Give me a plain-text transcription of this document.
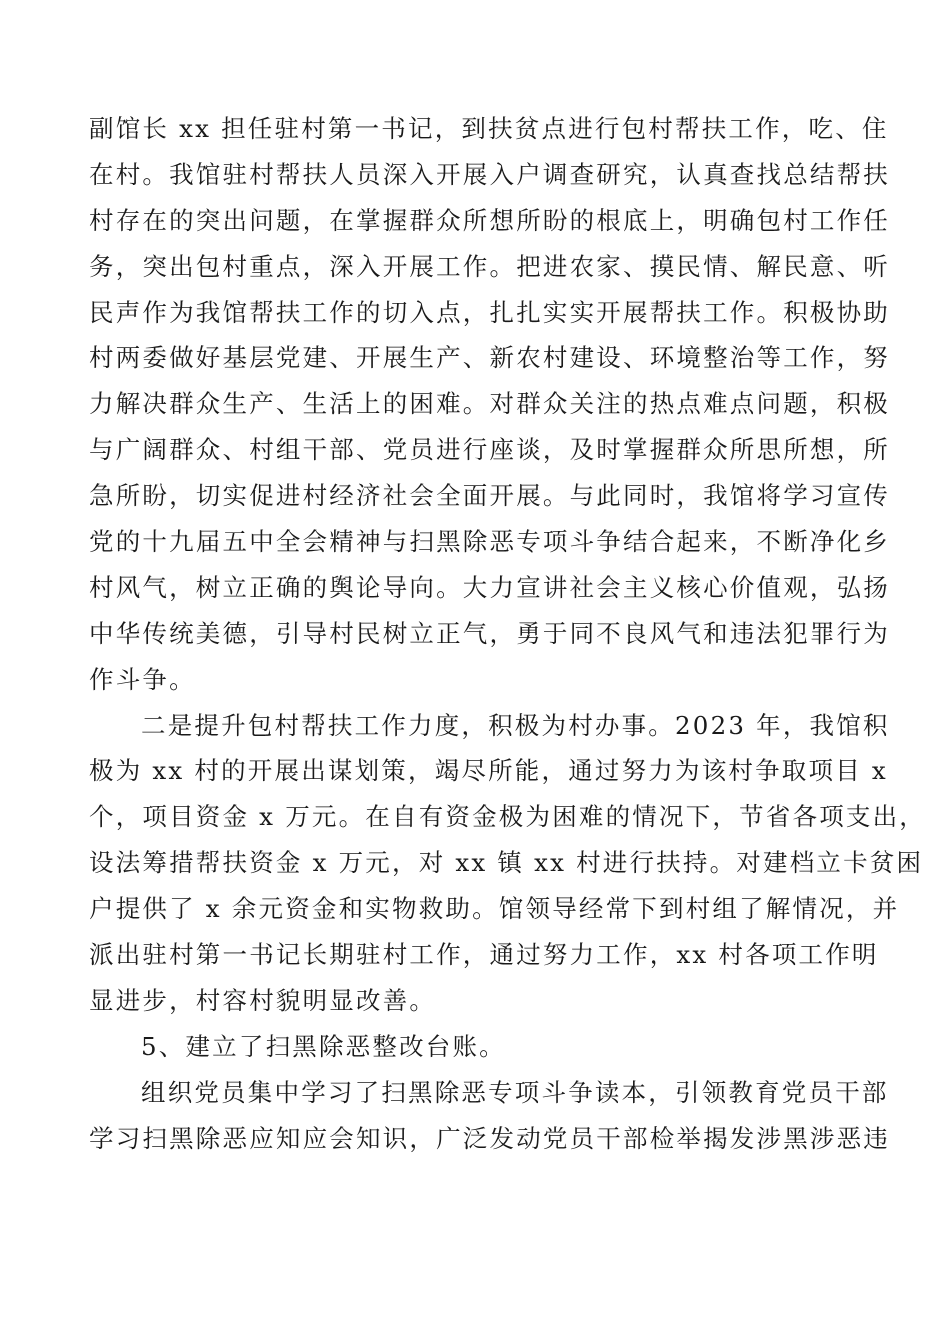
副馆长 xx 担任驻村第一书记，到扶贫点进行包村帮扶工作，吃、住
在村。我馆驻村帮扶人员深入开展入户调查研究，认真查找总结帮扶
村存在的突出问题，在掌握群众所想所盼的根底上，明确包村工作任
务，突出包村重点，深入开展工作。把进农家、摸民情、解民意、听
民声作为我馆帮扶工作的切入点，扎扎实实开展帮扶工作。积极协助
村两委做好基层党建、开展生产、新农村建设、环境整治等工作，努
力解决群众生产、生活上的困难。对群众关注的热点难点问题，积极
与广阔群众、村组干部、党员进行座谈，及时掌握群众所思所想，所
急所盼，切实促进村经济社会全面开展。与此同时，我馆将学习宣传
党的十九届五中全会精神与扫黑除恶专项斗争结合起来，不断净化乡
村风气，树立正确的舆论导向。大力宣讲社会主义核心价值观，弘扬
中华传统美德，引导村民树立正气，勇于同不良风气和违法犯罪行为
作斗争。
二是提升包村帮扶工作力度，积极为村办事。2023 年，我馆积
极为 xx 村的开展出谋划策，竭尽所能，通过努力为该村争取项目 x
个，项目资金 x 万元。在自有资金极为困难的情况下，节省各项支出，
设法筹措帮扶资金 x 万元，对 xx 镇 xx 村进行扶持。对建档立卡贫困
户提供了 x 余元资金和实物救助。馆领导经常下到村组了解情况，并
派出驻村第一书记长期驻村工作，通过努力工作，xx 村各项工作明
显进步，村容村貌明显改善。
5、建立了扫黑除恶整改台账。
组织党员集中学习了扫黑除恶专项斗争读本，引领教育党员干部
学习扫黑除恶应知应会知识，广泛发动党员干部检举揭发涉黑涉恶违
